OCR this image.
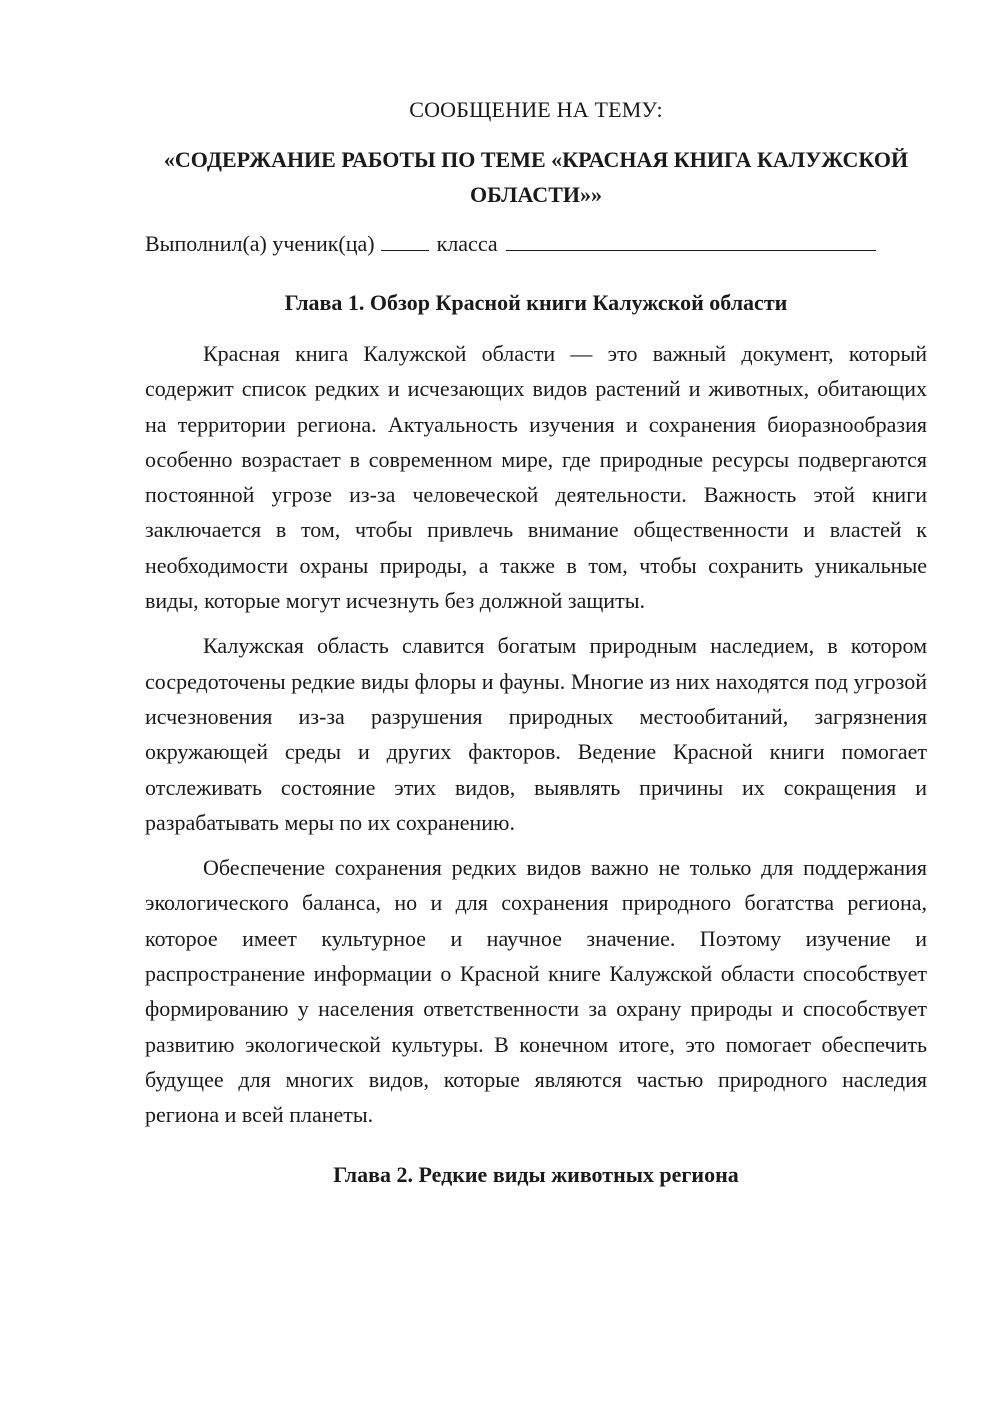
СООБЩЕНИЕ НА ТЕМУ:
«СОДЕРЖАНИЕ РАБОТЫ ПО ТЕМЕ «КРАСНАЯ КНИГА КАЛУЖСКОЙ ОБЛАСТИ»»
Выполнил(а) ученик(ца)	класса
Глава 1. Обзор Красной книги Калужской области

Красная книга Калужской области — это важный документ, который содержит список редких и исчезающих видов растений и животных, обитающих на территории региона. Актуальность изучения и сохранения биоразнообразия особенно возрастает в современном мире, где природные ресурсы подвергаются постоянной угрозе из-за человеческой деятельности. Важность этой книги заключается в том, чтобы привлечь внимание общественности и властей к необходимости охраны природы, а также в том, чтобы сохранить уникальные виды, которые могут исчезнуть без должной защиты.

Калужская область славится богатым природным наследием, в котором сосредоточены редкие виды флоры и фауны. Многие из них находятся под угрозой исчезновения из-за разрушения природных местообитаний, загрязнения окружающей среды и других факторов. Ведение Красной книги помогает отслеживать состояние этих видов, выявлять причины их сокращения и разрабатывать меры по их сохранению.

Обеспечение сохранения редких видов важно не только для поддержания экологического баланса, но и для сохранения природного богатства региона, которое имеет культурное и научное значение. Поэтому изучение и распространение информации о Красной книге Калужской области способствует формированию у населения ответственности за охрану природы и способствует развитию экологической культуры. В конечном итоге, это помогает обеспечить будущее для многих видов, которые являются частью природного наследия региона и всей планеты.

Глава 2. Редкие виды животных региона
